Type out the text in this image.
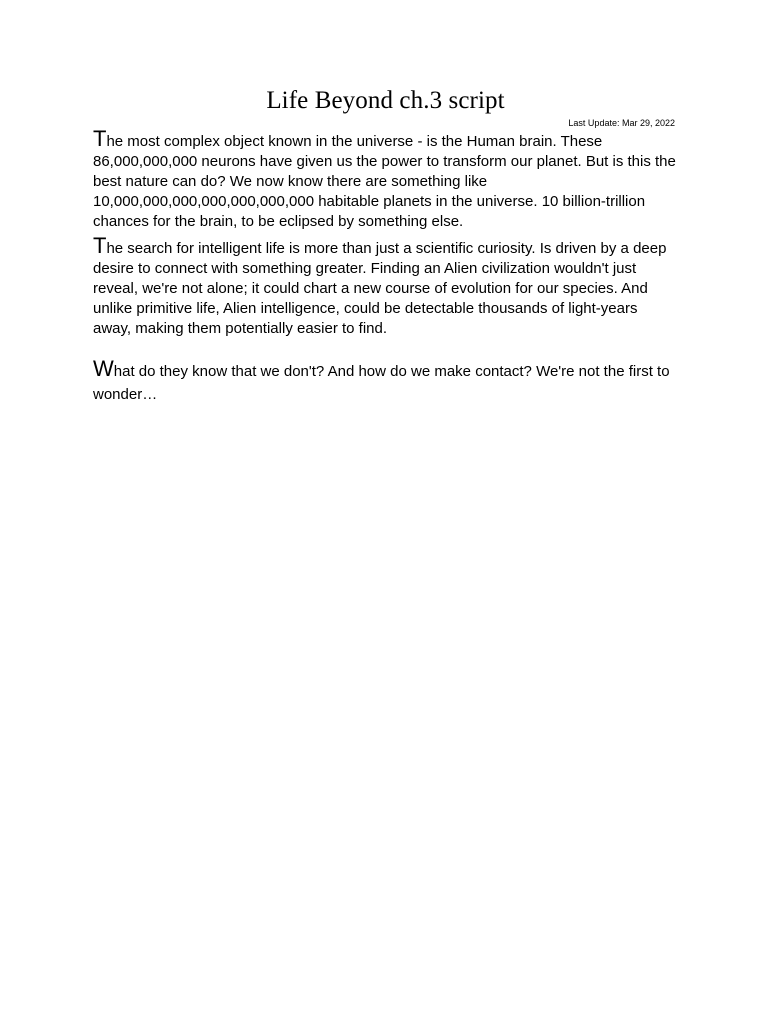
Life Beyond ch.3 script
Last Update: Mar 29, 2022

The most complex object known in the universe - is the Human brain. These 86,000,000,000 neurons have given us the power to transform our planet. But is this the best nature can do? We now know there are something like 10,000,000,000,000,000,000,000 habitable planets in the universe. 10 billion-trillion chances for the brain, to be eclipsed by something else.

The search for intelligent life is more than just a scientific curiosity. Is driven by a deep desire to connect with something greater. Finding an Alien civilization wouldn't just reveal, we're not alone; it could chart a new course of evolution for our species. And unlike primitive life, Alien intelligence, could be detectable thousands of light-years away, making them potentially easier to find.

What do they know that we don't? And how do we make contact? We're not the first to wonder…
